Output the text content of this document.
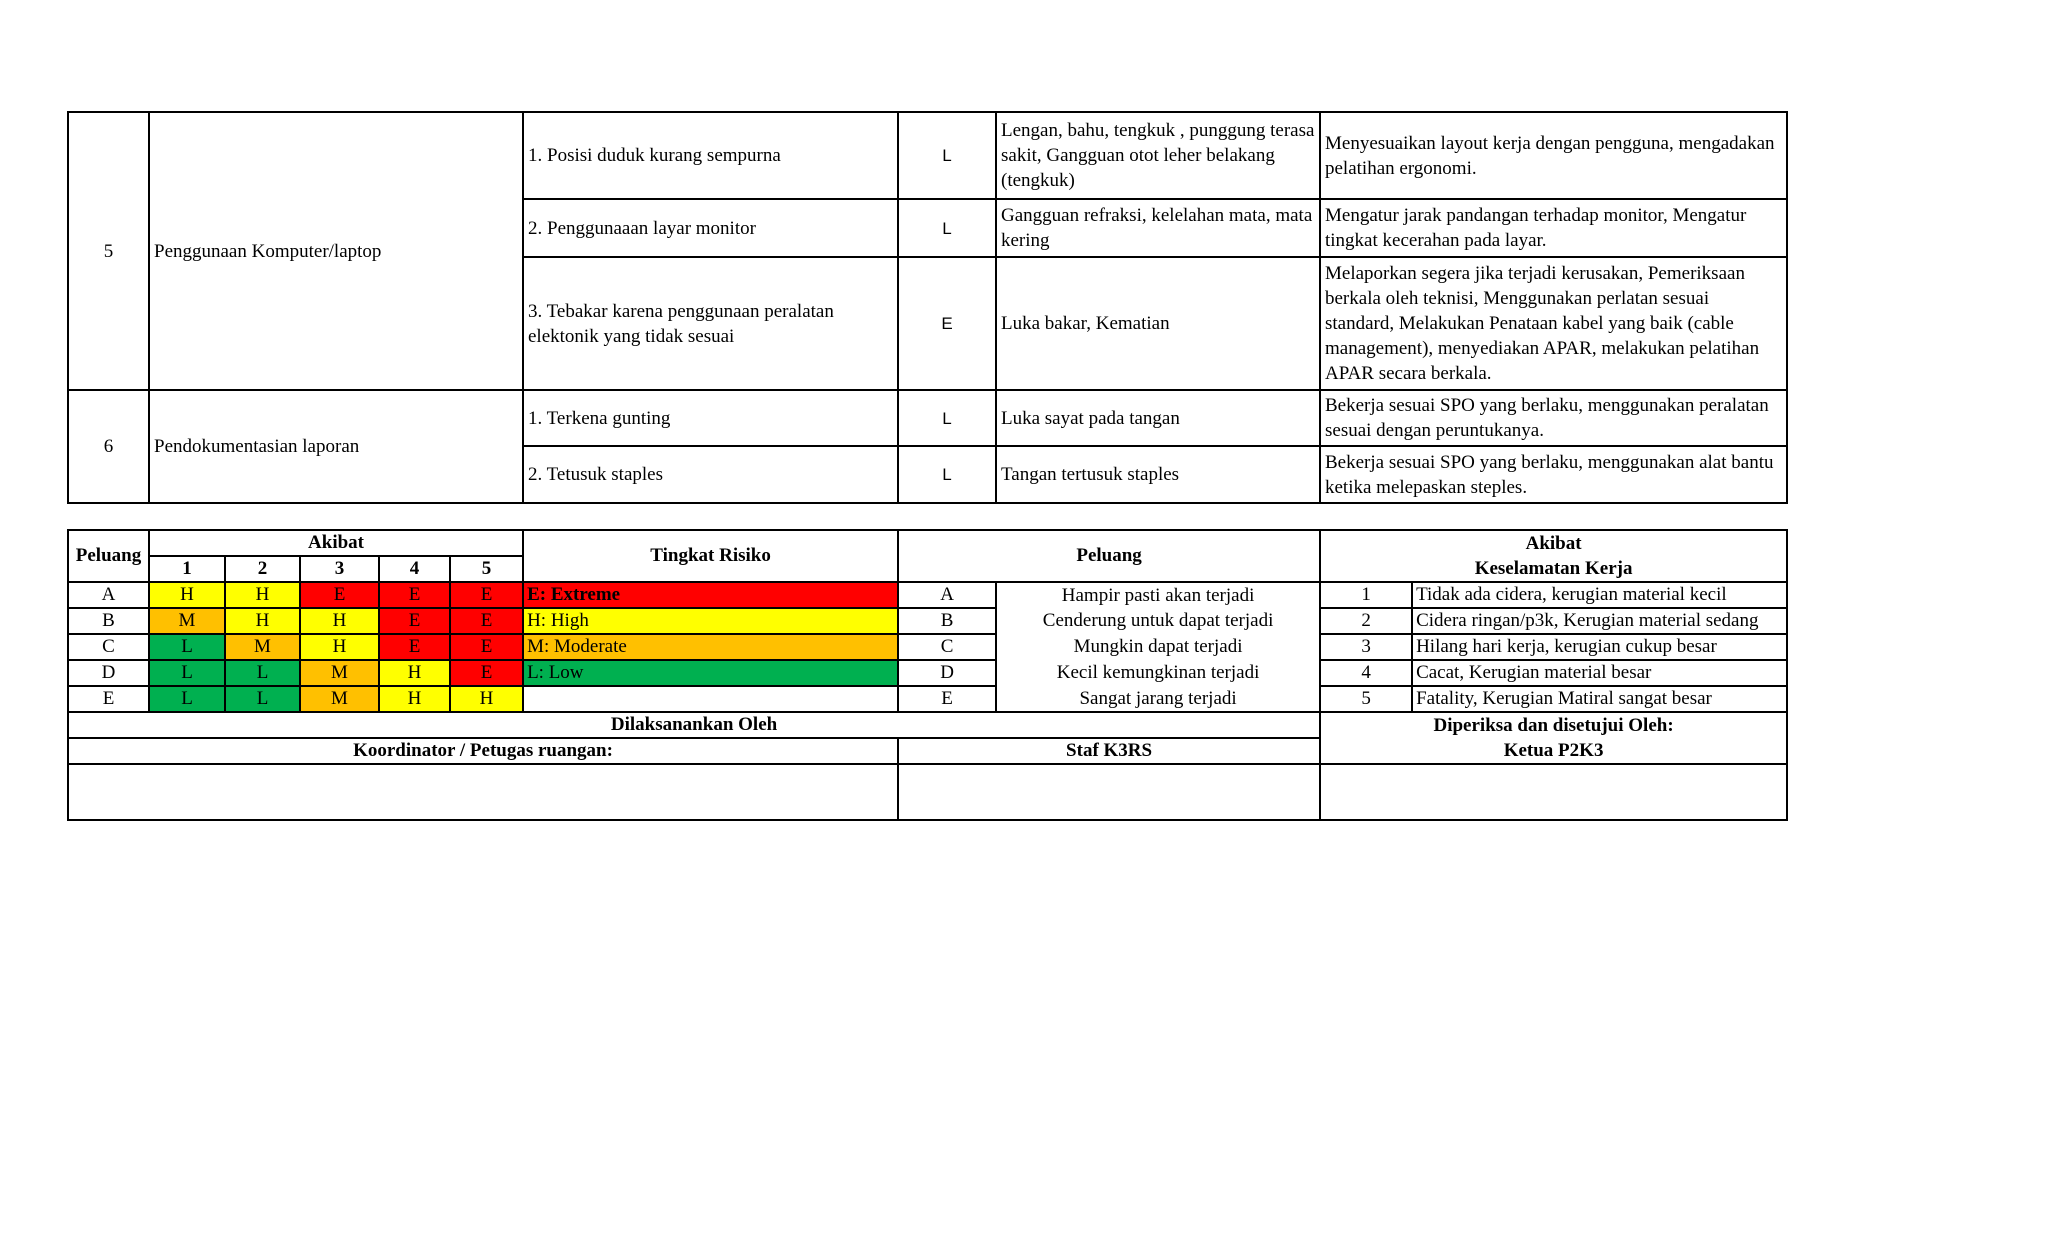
5	Penggunaan Komputer/laptop	1. Posisi duduk kurang sempurna	L	Lengan, bahu, tengkuk , punggung terasa sakit, Gangguan otot leher belakang (tengkuk)	Menyesuaikan layout kerja dengan pengguna, mengadakan pelatihan ergonomi.
		2. Penggunaaan layar monitor	L	Gangguan refraksi, kelelahan mata, mata kering	Mengatur jarak pandangan terhadap monitor, Mengatur tingkat kecerahan pada layar.
		3. Tebakar karena penggunaan peralatan elektonik yang tidak sesuai	E	Luka bakar, Kematian	Melaporkan segera jika terjadi kerusakan, Pemeriksaan berkala oleh teknisi, Menggunakan perlatan sesuai standard, Melakukan Penataan kabel yang baik (cable management), menyediakan APAR, melakukan pelatihan APAR secara berkala.
6	Pendokumentasian laporan	1. Terkena gunting	L	Luka sayat pada tangan	Bekerja sesuai SPO yang berlaku, menggunakan peralatan sesuai dengan peruntukanya.
		2. Tetusuk staples	L	Tangan tertusuk staples	Bekerja sesuai SPO yang berlaku, menggunakan alat bantu ketika melepaskan steples.
Peluang	Akibat					Tingkat Risiko	Peluang		Akibat	
	1	2	3	4	5				Keselamatan Kerja	
A	H	H	E	E	E	E: Extreme	A	Hampir pasti akan terjadi	1	Tidak ada cidera, kerugian material kecil
B	M	H	H	E	E	H: High	B	Cenderung untuk dapat terjadi	2	Cidera ringan/p3k, Kerugian material sedang
C	L	M	H	E	E	M: Moderate	C	Mungkin dapat terjadi	3	Hilang hari kerja, kerugian cukup besar
D	L	L	M	H	E	L: Low	D	Kecil kemungkinan terjadi	4	Cacat, Kerugian material besar
E	L	L	M	H	H		E	Sangat jarang terjadi	5	Fatality, Kerugian Matiral sangat besar
Dilaksanankan Oleh									Diperiksa dan disetujui Oleh:	
Koordinator / Petugas ruangan:							Staf K3RS		Ketua P2K3	
